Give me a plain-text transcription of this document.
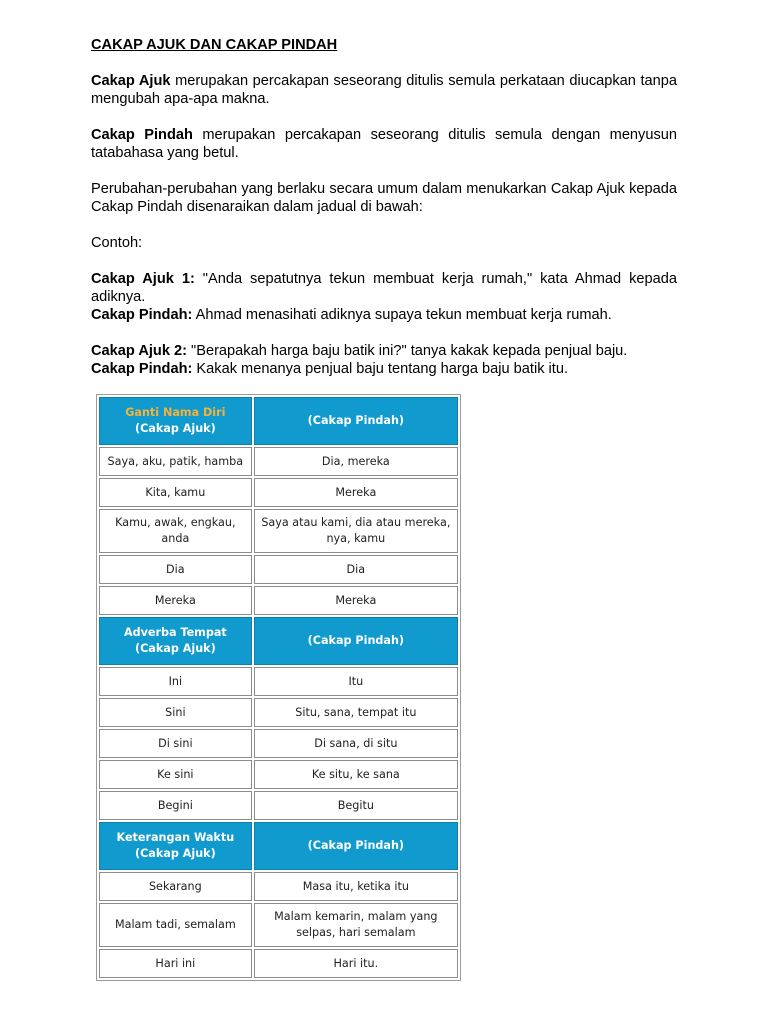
CAKAP AJUK DAN CAKAP PINDAH

Cakap Ajuk merupakan percakapan seseorang ditulis semula perkataan diucapkan tanpa mengubah apa-apa makna.

Cakap Pindah merupakan percakapan seseorang ditulis semula dengan menyusun tatabahasa yang betul.

Perubahan-perubahan yang berlaku secara umum dalam menukarkan Cakap Ajuk kepada Cakap Pindah disenaraikan dalam jadual di bawah:

Contoh:

Cakap Ajuk 1: "Anda sepatutnya tekun membuat kerja rumah," kata Ahmad kepada adiknya.

Cakap Pindah: Ahmad menasihati adiknya supaya tekun membuat kerja rumah.

Cakap Ajuk 2: "Berapakah harga baju batik ini?" tanya kakak kepada penjual baju.

Cakap Pindah: Kakak menanya penjual baju tentang harga baju batik itu.

Ganti Nama Diri
(Cakap Ajuk)	(Cakap Pindah)
Saya, aku, patik, hamba	Dia, mereka
Kita, kamu	Mereka
Kamu, awak, engkau, anda	Saya atau kami, dia atau mereka, nya, kamu
Dia	Dia
Mereka	Mereka
Adverba Tempat
(Cakap Ajuk)	(Cakap Pindah)
Ini	Itu
Sini	Situ, sana, tempat itu
Di sini	Di sana, di situ
Ke sini	Ke situ, ke sana
Begini	Begitu
Keterangan Waktu
(Cakap Ajuk)	(Cakap Pindah)
Sekarang	Masa itu, ketika itu
Malam tadi, semalam	Malam kemarin, malam yang selpas, hari semalam
Hari ini	Hari itu.
